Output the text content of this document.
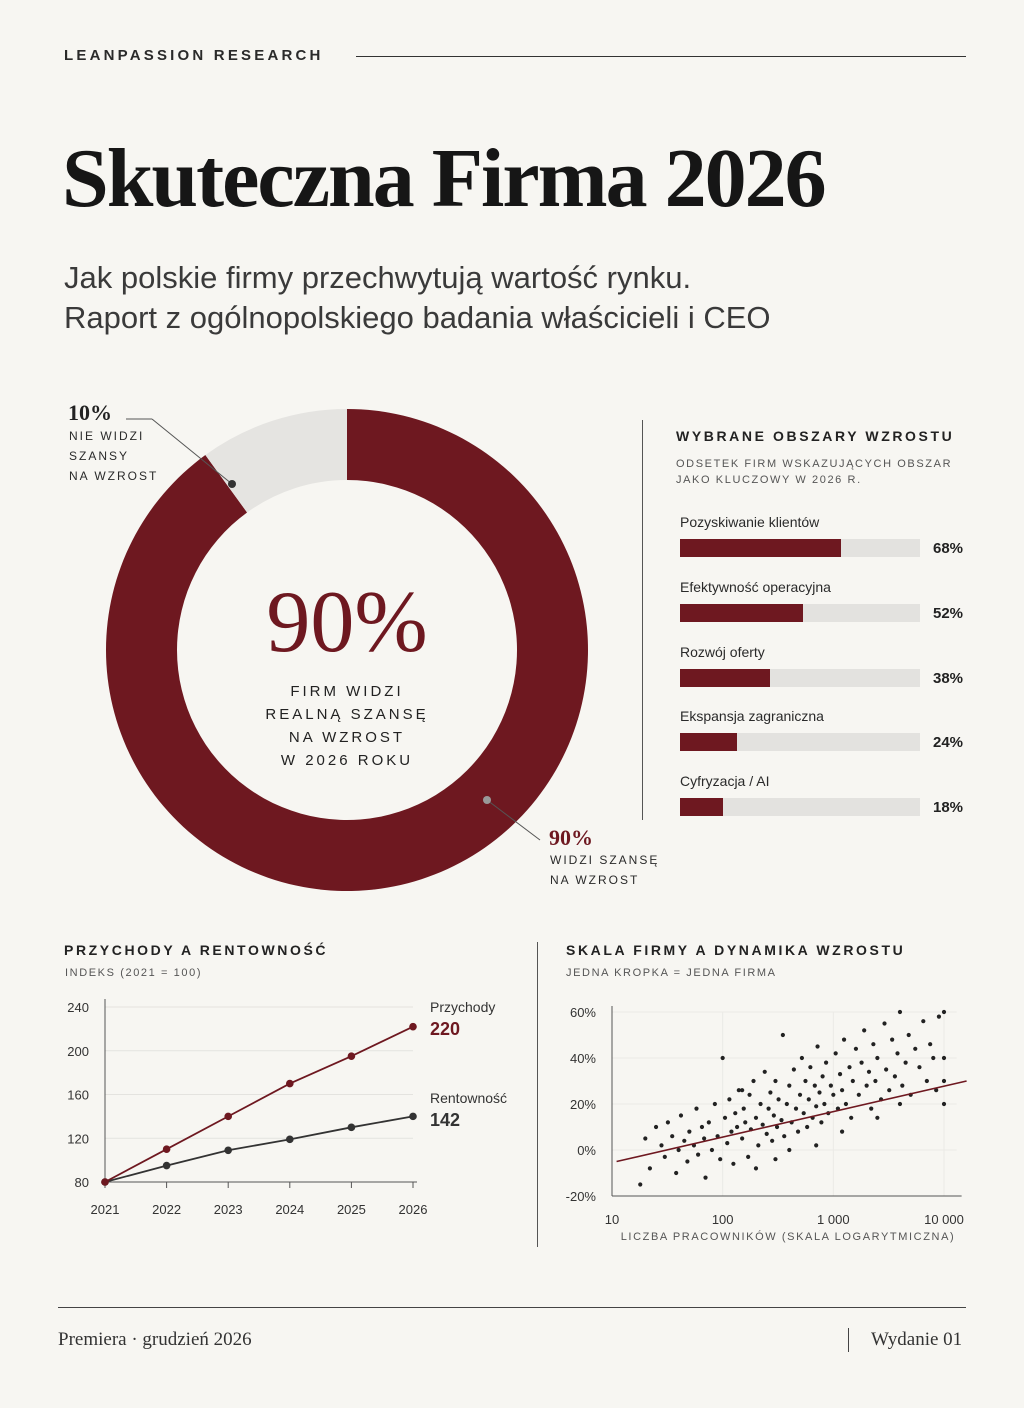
LEANPASSION RESEARCH
Skuteczna Firma 2026
Jak polskie firmy przechwytują wartość rynku.
Raport z ogólnopolskiego badania właścicieli i CEO
90%
FIRM WIDZI
REALNĄ SZANSĘ
NA WZROST
W 2026 ROKU
10%
NIE WIDZI
SZANSY
NA WZROST
90%
WIDZI SZANSĘ
NA WZROST
WYBRANE OBSZARY WZROSTU
ODSETEK FIRM WSKAZUJĄCYCH OBSZAR
JAKO KLUCZOWY W 2026 R.
Pozyskiwanie klientów
68%
Efektywność operacyjna
52%
Rozwój oferty
38%
Ekspansja zagraniczna
24%
Cyfryzacja / AI
18%
PRZYCHODY A RENTOWNOŚĆ
INDEKS (2021 = 100)
80
120
160
200
240
2021	2022	2023	2024	2025	2026
Przychody
220
Rentowność
142
SKALA FIRMY A DYNAMIKA WZROSTU
JEDNA KROPKA = JEDNA FIRMA
-20%
0%
20%
40%
60%
10	100	1 000	10 000
LICZBA PRACOWNIKÓW (SKALA LOGARYTMICZNA)
Premiera · grudzień 2026	Wydanie 01
